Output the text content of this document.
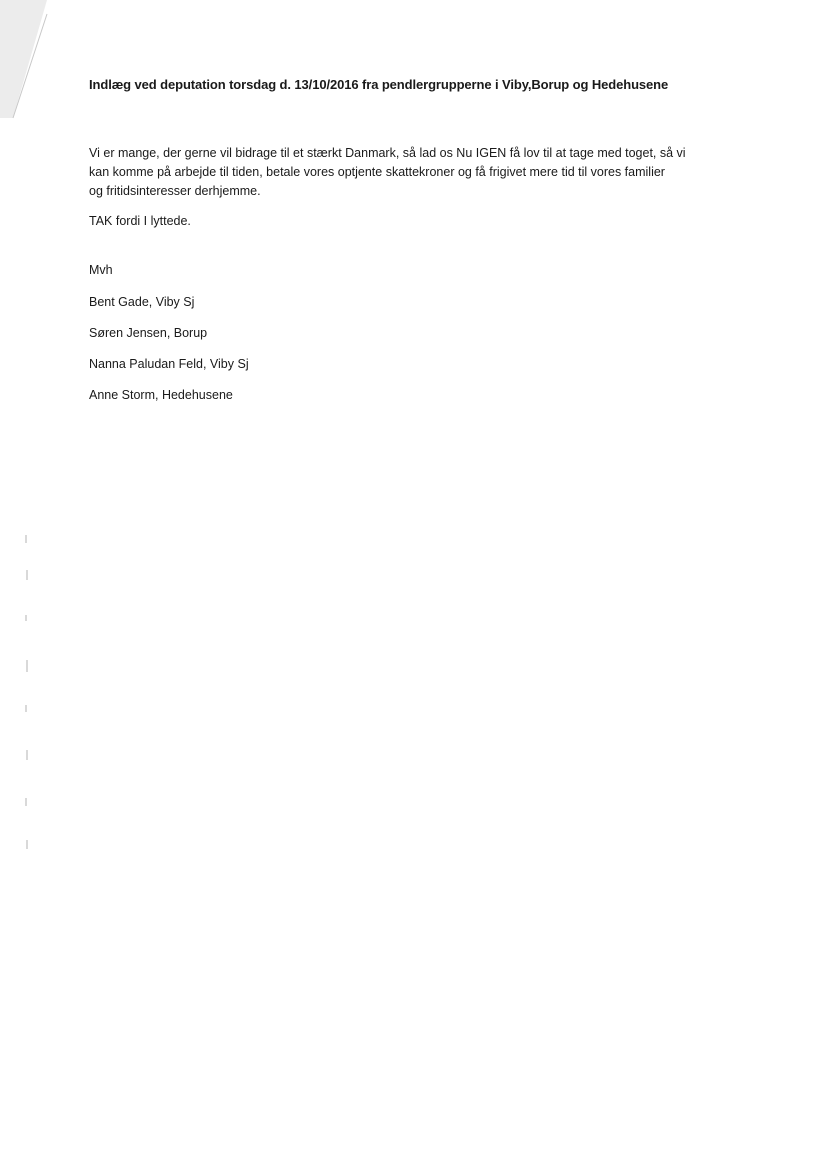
Indlæg ved deputation torsdag d. 13/10/2016 fra pendlergrupperne i Viby,Borup og Hedehusene

Vi er mange, der gerne vil bidrage til et stærkt Danmark, så lad os Nu IGEN få lov til at tage med toget, så vi

kan komme på arbejde til tiden, betale vores optjente skattekroner og få frigivet mere tid til vores familier

og fritidsinteresser derhjemme.

TAK fordi I lyttede.
Mvh
Bent Gade, Viby Sj
Søren Jensen, Borup
Nanna Paludan Feld, Viby Sj
Anne Storm, Hedehusene
